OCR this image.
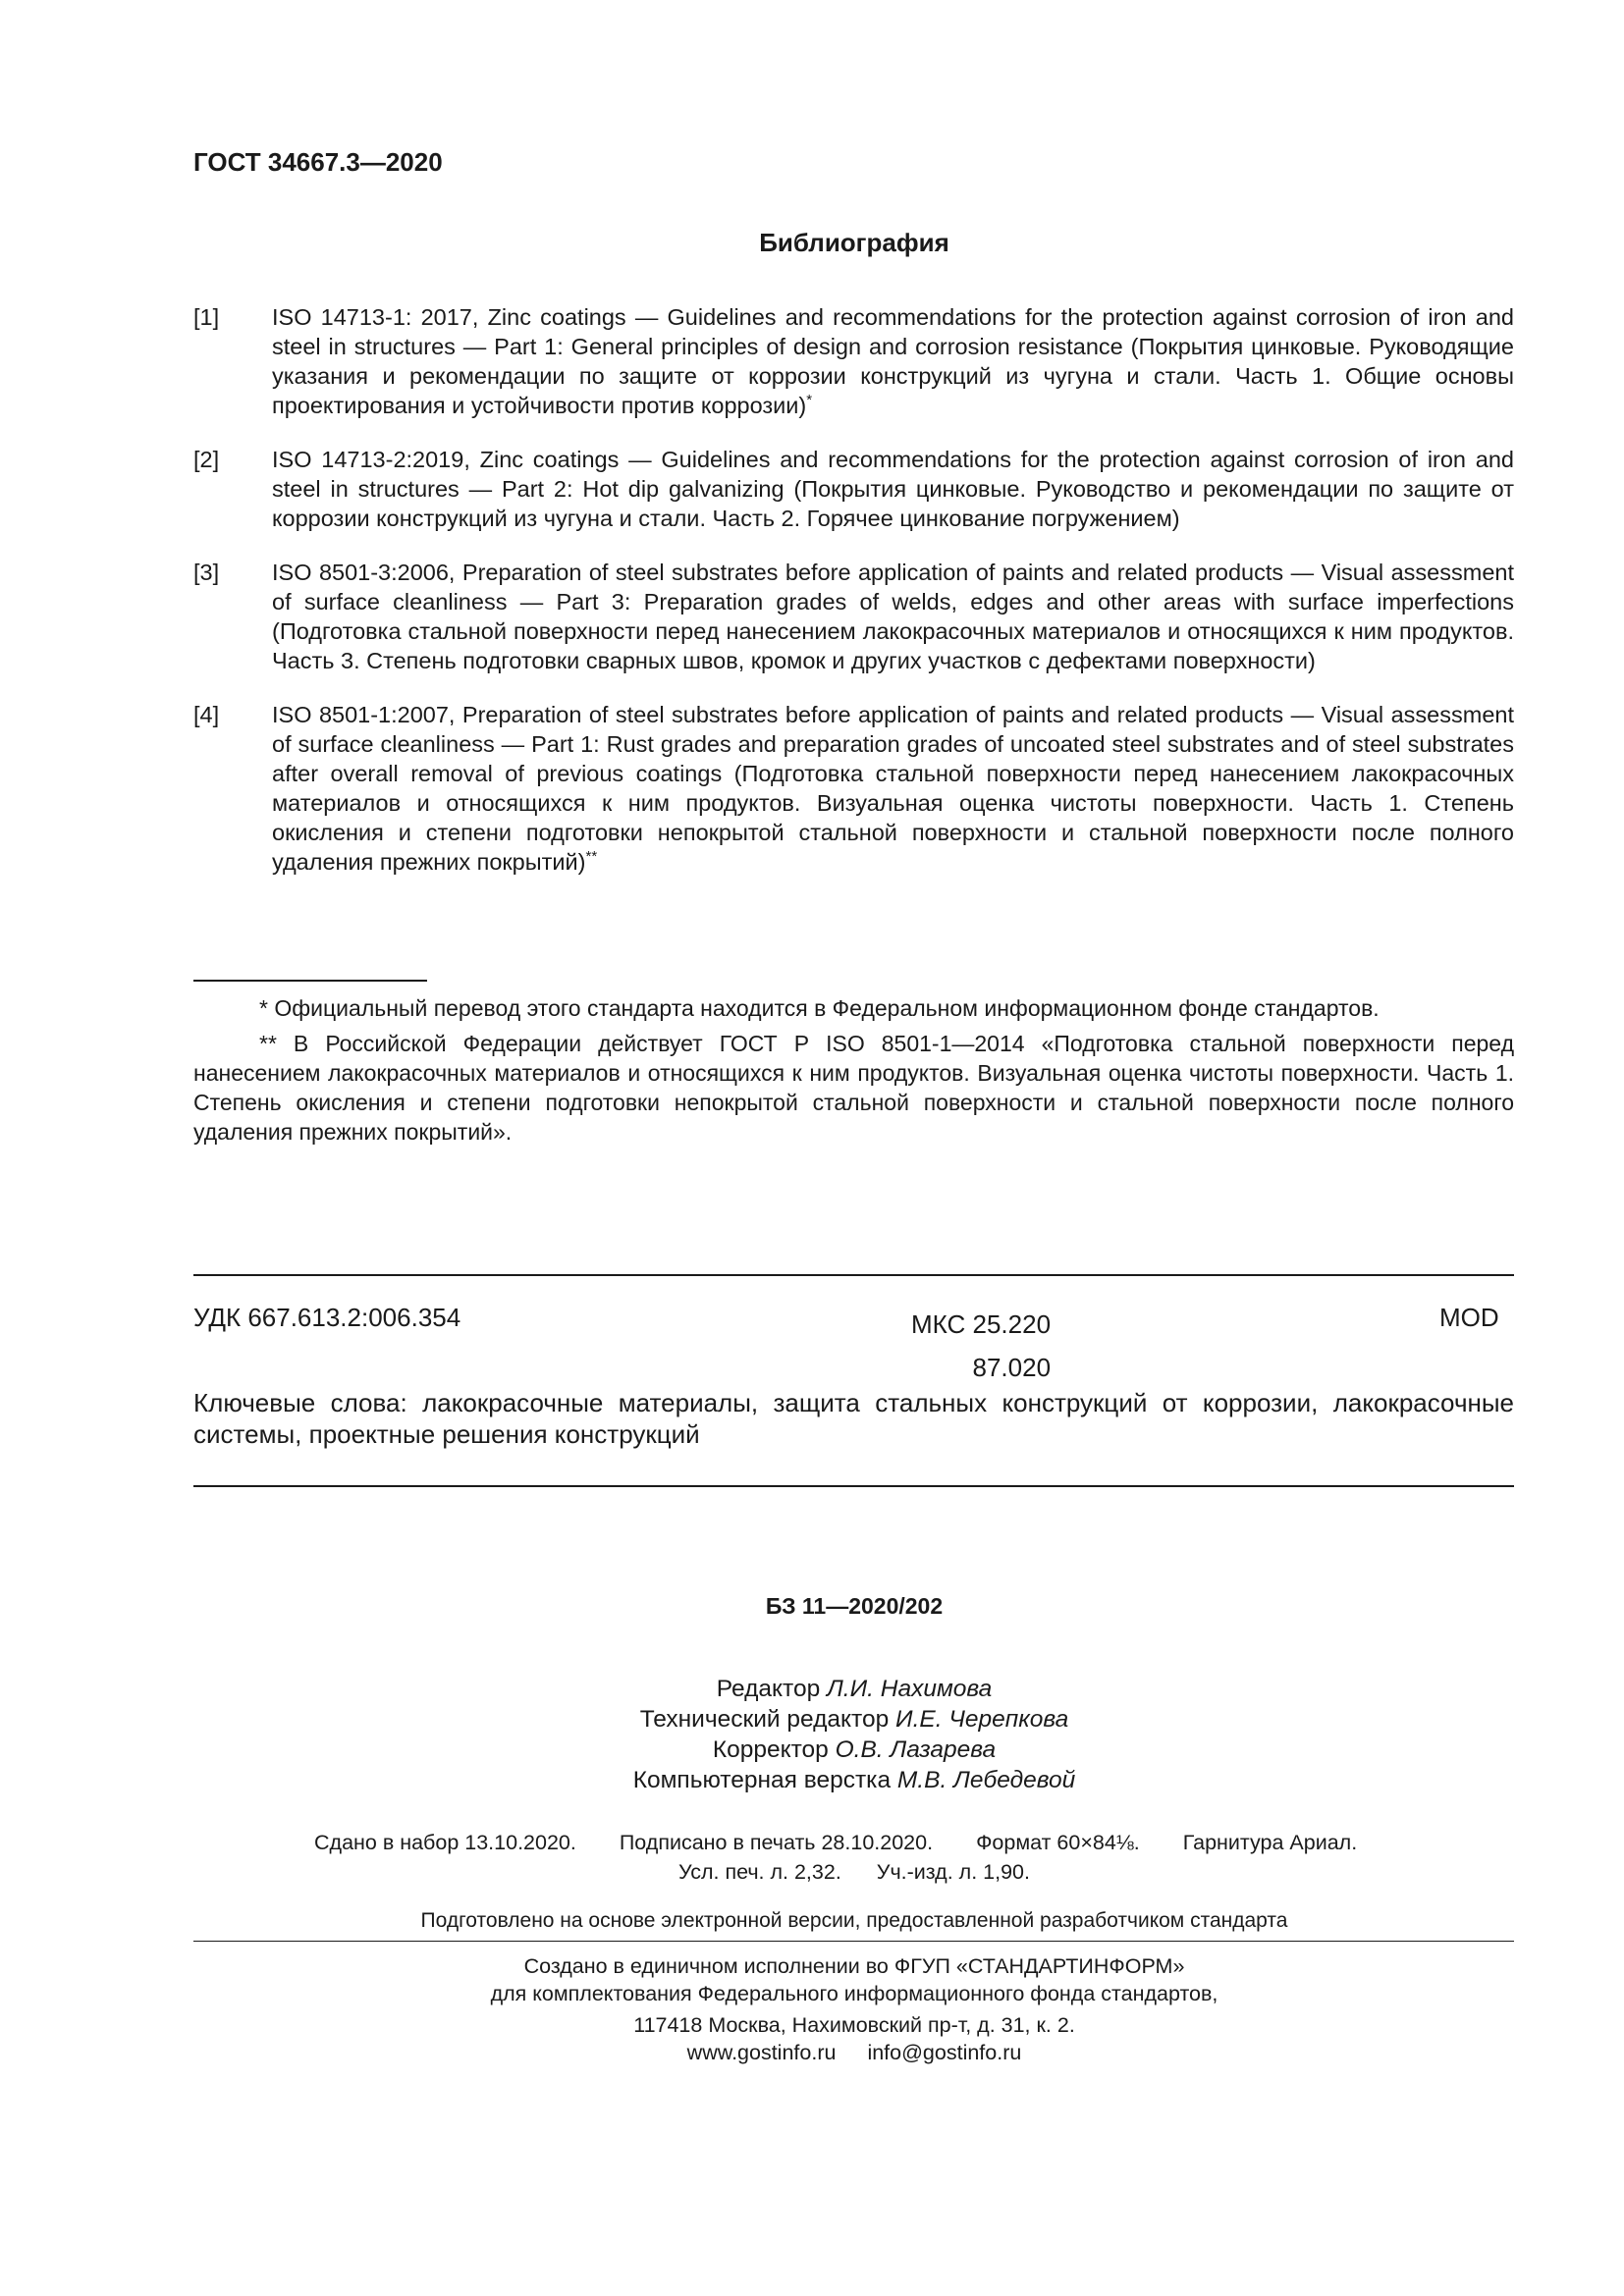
ГОСТ 34667.3—2020
Библиография
[1] ISO 14713-1: 2017, Zinc coatings — Guidelines and recommendations for the protection against corrosion of iron and steel in structures — Part 1: General principles of design and corrosion resistance (Покрытия цинковые. Руководящие указания и рекомендации по защите от коррозии конструкций из чугуна и стали. Часть 1. Общие основы проектирования и устойчивости против коррозии)*
[2] ISO 14713-2:2019, Zinc coatings — Guidelines and recommendations for the protection against corrosion of iron and steel in structures — Part 2: Hot dip galvanizing (Покрытия цинковые. Руководство и рекомендации по защите от коррозии конструкций из чугуна и стали. Часть 2. Горячее цинкование погружением)
[3] ISO 8501-3:2006, Preparation of steel substrates before application of paints and related products — Visual assessment of surface cleanliness — Part 3: Preparation grades of welds, edges and other areas with surface imperfections (Подготовка стальной поверхности перед нанесением лакокрасочных материалов и относящихся к ним продуктов. Часть 3. Степень подготовки сварных швов, кромок и других участков с дефектами поверхности)
[4] ISO 8501-1:2007, Preparation of steel substrates before application of paints and related products — Visual assessment of surface cleanliness — Part 1: Rust grades and preparation grades of uncoated steel substrates and of steel substrates after overall removal of previous coatings (Подготовка стальной поверхности перед нанесением лакокрасочных материалов и относящихся к ним продуктов. Визуальная оценка чистоты поверхности. Часть 1. Степень окисления и степени подготовки непокрытой стальной поверхности и стальной поверхности после полного удаления прежних покрытий)**
* Официальный перевод этого стандарта находится в Федеральном информационном фонде стандартов.
** В Российской Федерации действует ГОСТ Р ISO 8501-1—2014 «Подготовка стальной поверхности перед нанесением лакокрасочных материалов и относящихся к ним продуктов. Визуальная оценка чистоты поверхности. Часть 1. Степень окисления и степени подготовки непокрытой стальной поверхности и стальной поверхности после полного удаления прежних покрытий».
УДК 667.613.2:006.354	МКС 25.220
87.020
MOD
Ключевые слова: лакокрасочные материалы, защита стальных конструкций от коррозии, лакокрасочные системы, проектные решения конструкций
БЗ 11—2020/202
Редактор Л.И. Нахимова
Технический редактор И.Е. Черепкова
Корректор О.В. Лазарева
Компьютерная верстка М.В. Лебедевой
Сдано в набор 13.10.2020. Подписано в печать 28.10.2020. Формат 60×84⅛. Гарнитура Ариал.
Усл. печ. л. 2,32. Уч.-изд. л. 1,90.
Подготовлено на основе электронной версии, предоставленной разработчиком стандарта
Создано в единичном исполнении во ФГУП «СТАНДАРТИНФОРМ»
для комплектования Федерального информационного фонда стандартов,
117418 Москва, Нахимовский пр-т, д. 31, к. 2.
www.gostinfo.ru info@gostinfo.ru
